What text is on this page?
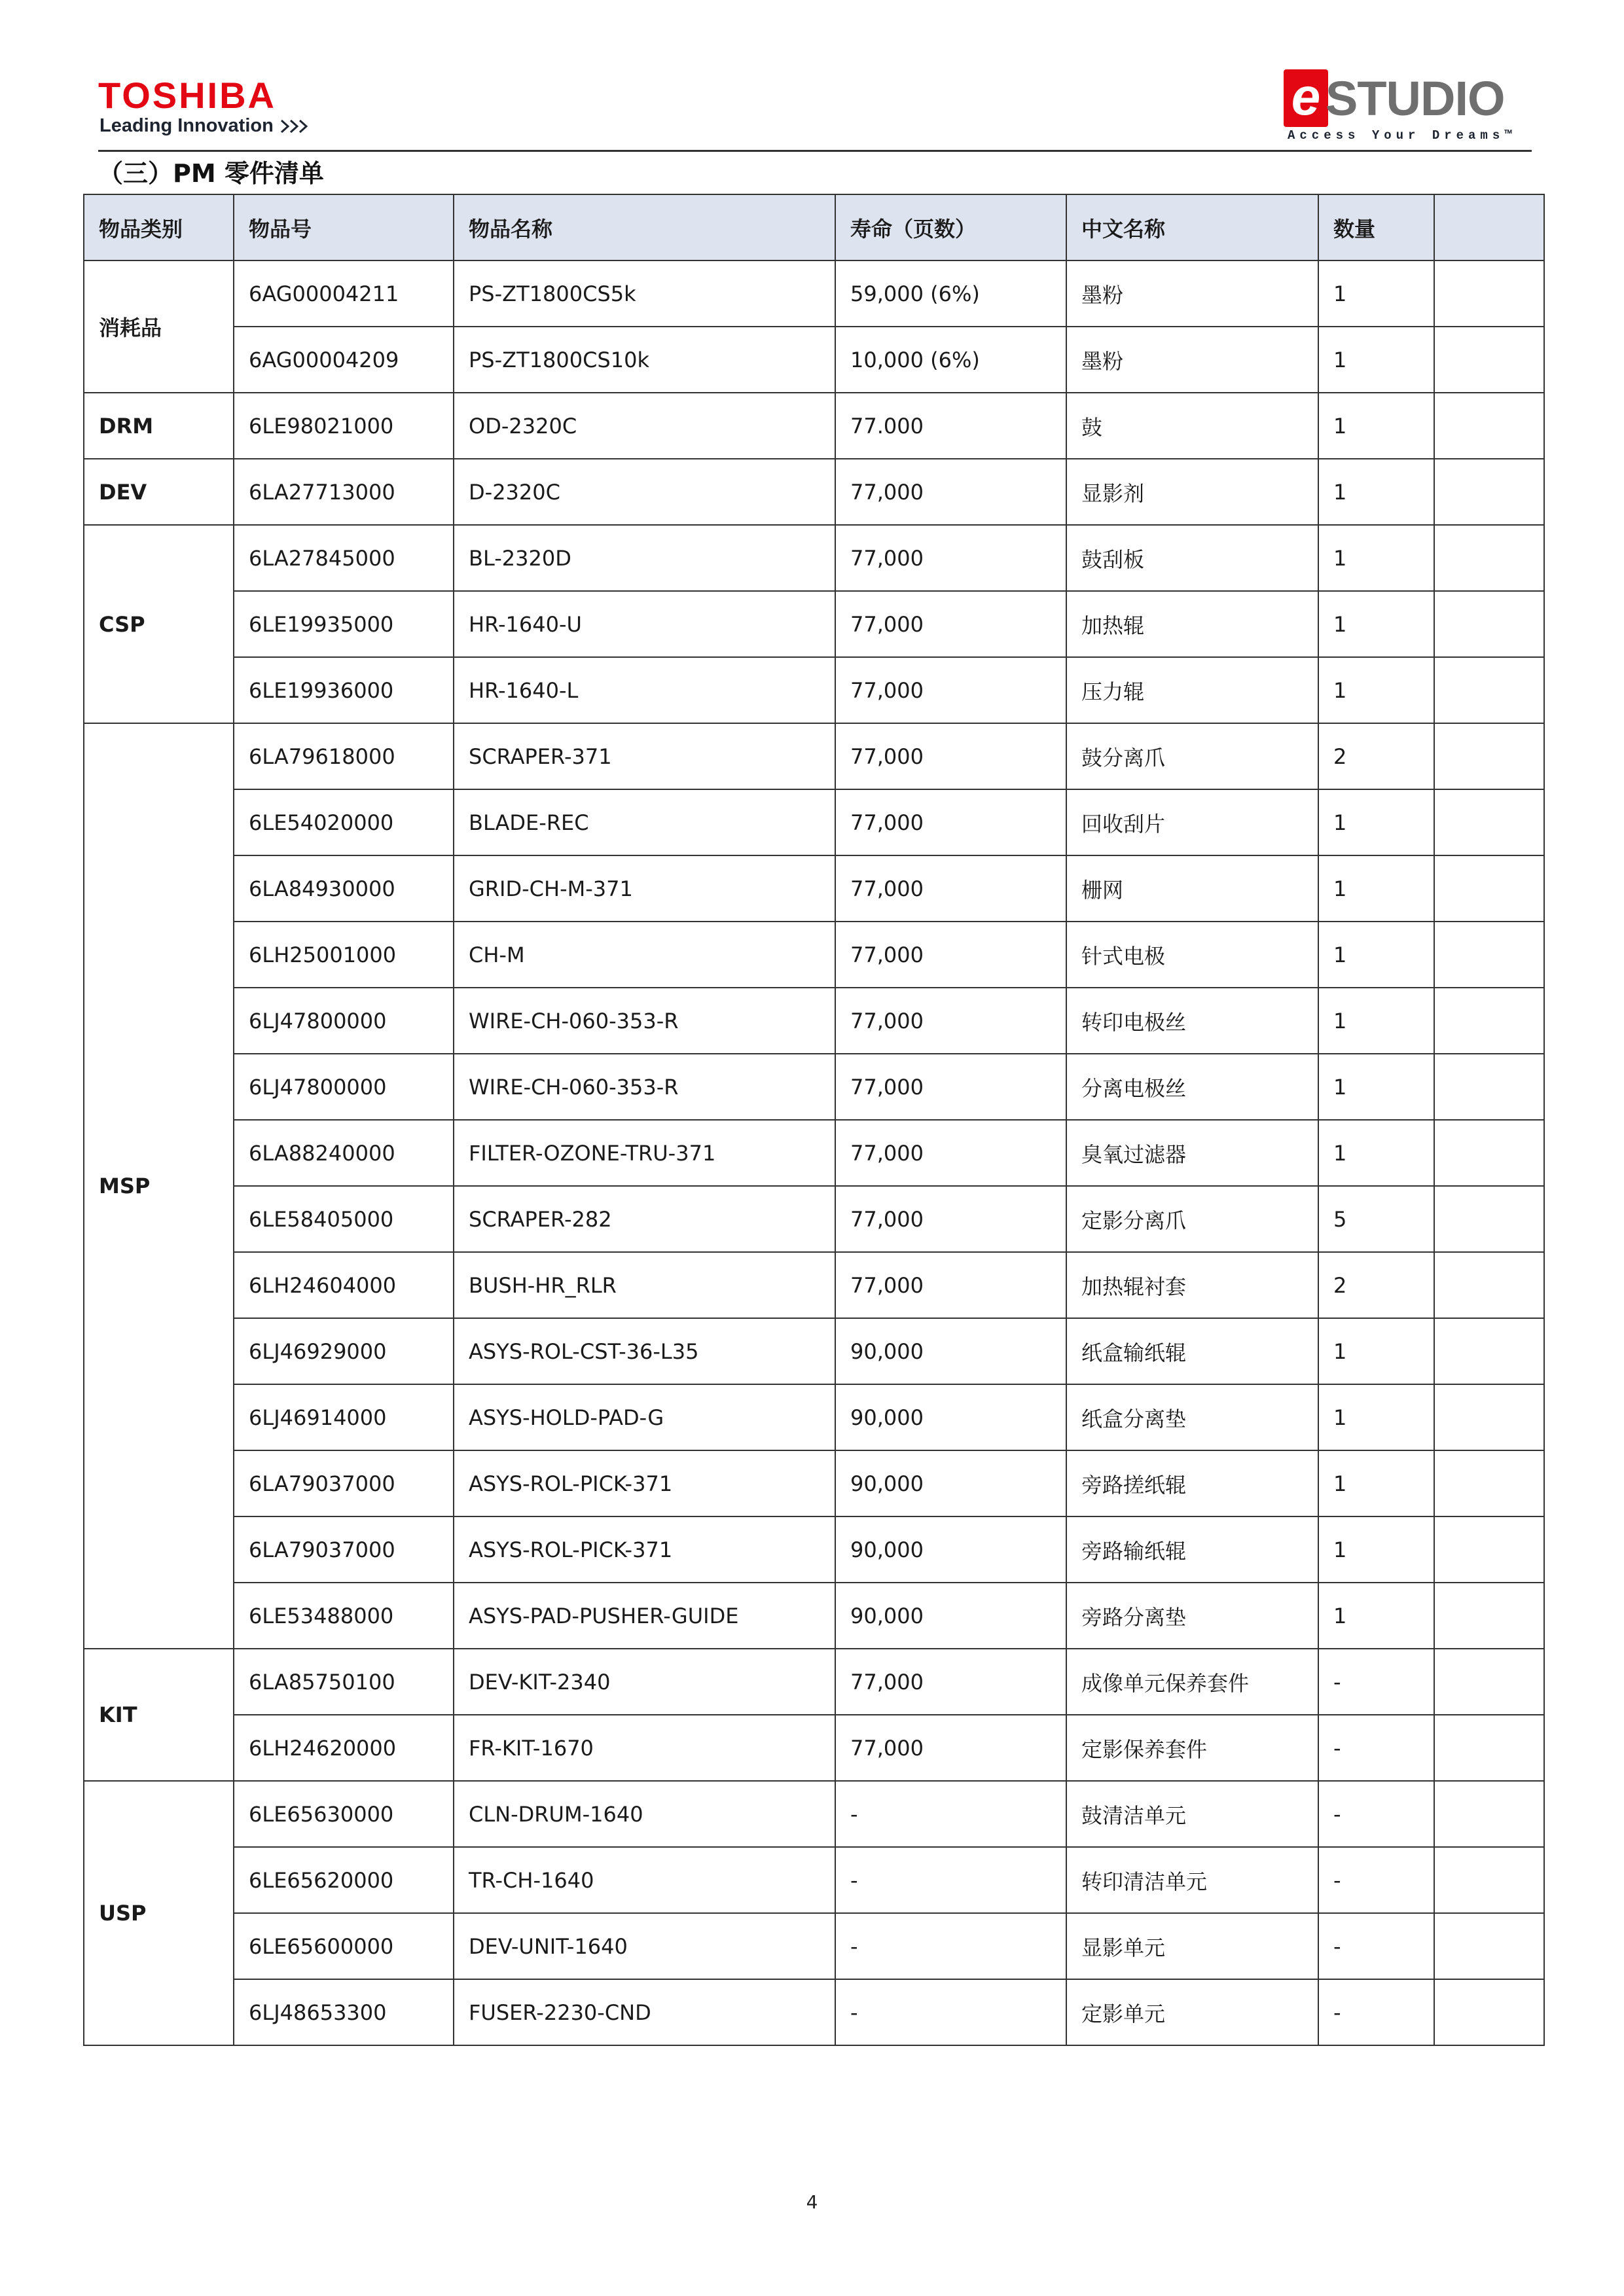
TOSHIBA
Leading Innovation	e STUDIO
Access Your Dreams™
（三）PM 零件清单
物品类别	物品号	物品名称	寿命（页数）	中文名称	数量	
消耗品	6AG00004211	PS-ZT1800CS5k	59,000 (6%)	墨粉	1	
	6AG00004209	PS-ZT1800CS10k	10,000 (6%)	墨粉	1	
DRM	6LE98021000	OD-2320C	77.000	鼓	1	
DEV	6LA27713000	D-2320C	77,000	显影剂	1	
CSP	6LA27845000	BL-2320D	77,000	鼓刮板	1	
	6LE19935000	HR-1640-U	77,000	加热辊	1	
	6LE19936000	HR-1640-L	77,000	压力辊	1	
MSP	6LA79618000	SCRAPER-371	77,000	鼓分离爪	2	
	6LE54020000	BLADE-REC	77,000	回收刮片	1	
	6LA84930000	GRID-CH-M-371	77,000	栅网	1	
	6LH25001000	CH-M	77,000	针式电极	1	
	6LJ47800000	WIRE-CH-060-353-R	77,000	转印电极丝	1	
	6LJ47800000	WIRE-CH-060-353-R	77,000	分离电极丝	1	
	6LA88240000	FILTER-OZONE-TRU-371	77,000	臭氧过滤器	1	
	6LE58405000	SCRAPER-282	77,000	定影分离爪	5	
	6LH24604000	BUSH-HR_RLR	77,000	加热辊衬套	2	
	6LJ46929000	ASYS-ROL-CST-36-L35	90,000	纸盒输纸辊	1	
	6LJ46914000	ASYS-HOLD-PAD-G	90,000	纸盒分离垫	1	
	6LA79037000	ASYS-ROL-PICK-371	90,000	旁路搓纸辊	1	
	6LA79037000	ASYS-ROL-PICK-371	90,000	旁路输纸辊	1	
	6LE53488000	ASYS-PAD-PUSHER-GUIDE	90,000	旁路分离垫	1	
KIT	6LA85750100	DEV-KIT-2340	77,000	成像单元保养套件	-	
	6LH24620000	FR-KIT-1670	77,000	定影保养套件	-	
USP	6LE65630000	CLN-DRUM-1640	-	鼓清洁单元	-	
	6LE65620000	TR-CH-1640	-	转印清洁单元	-	
	6LE65600000	DEV-UNIT-1640	-	显影单元	-	
	6LJ48653300	FUSER-2230-CND	-	定影单元	-	
4
